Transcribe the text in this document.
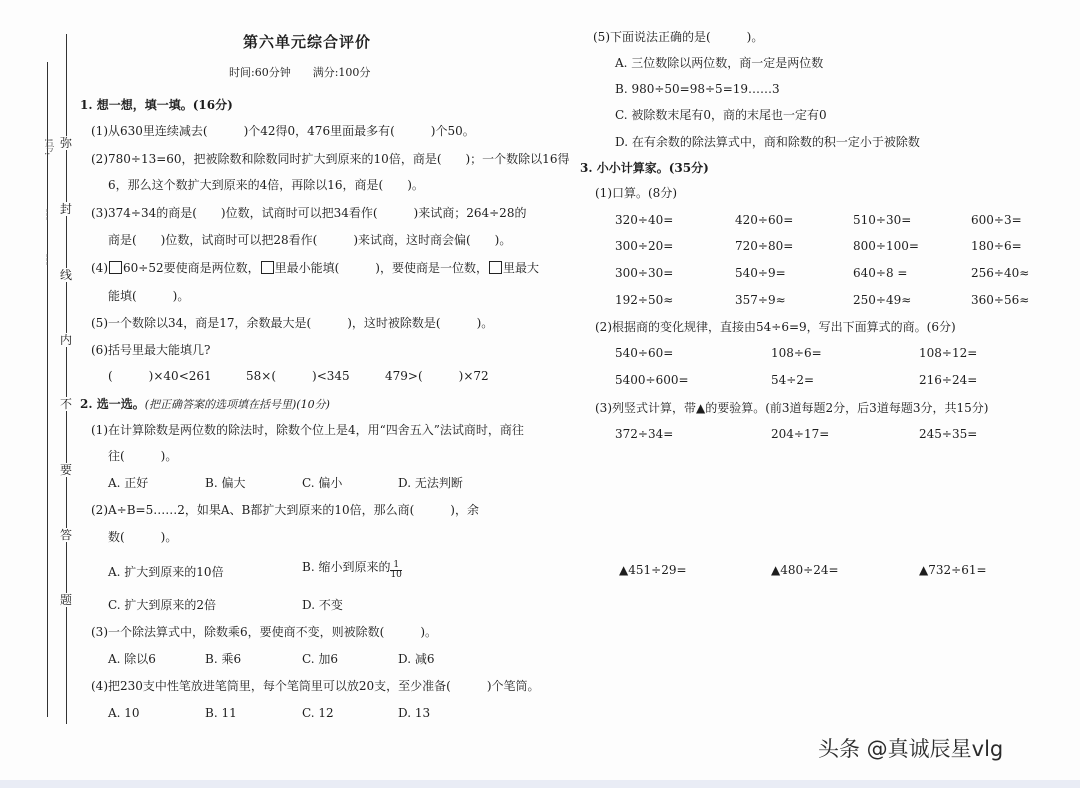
!号:
┆
┆
弥
封
线
内
不
要
答
题
第六单元综合评价
时间:60分钟　　满分:100分
1. 想一想，填一填。(16分)
(1)从630里连续减去(　　　)个42得0，476里面最多有(　　　)个50。
(2)780÷13=60，把被除数和除数同时扩大到原来的10倍，商是(　　)；一个数除以16得
6，那么这个数扩大到原来的4倍，再除以16，商是(　　)。
(3)374÷34的商是(　　)位数，试商时可以把34看作(　　　)来试商；264÷28的
商是(　　)位数，试商时可以把28看作(　　　)来试商，这时商会偏(　　)。
(4) 60÷52要使商是两位数， 里最小能填(　　　)，要使商是一位数， 里最大
能填(　　　)。
(5)一个数除以34，商是17，余数最大是(　　　)，这时被除数是(　　　)。
(6)括号里最大能填几?
(　　　)×40<261	58×(　　　)<345	479>(　　　)×72
2. 选一选。(把正确答案的选项填在括号里)(10分)
(1)在计算除数是两位数的除法时，除数个位上是4，用“四舍五入”法试商时，商往
往(　　　)。
A. 正好	B. 偏大	C. 偏小	D. 无法判断
(2)A÷B=5……2，如果A、B都扩大到原来的10倍，那么商(　　　)，余
数(　　　)。
A. 扩大到原来的10倍	B. 缩小到原来的 $\frac{1}{10}$
C. 扩大到原来的2倍	D. 不变
(3)一个除法算式中，除数乘6，要使商不变，则被除数(　　　)。
A. 除以6	B. 乘6	C. 加6	D. 减6
(4)把230支中性笔放进笔筒里，每个笔筒里可以放20支，至少准备(　　　)个笔筒。
A. 10	B. 11	C. 12	D. 13
(5)下面说法正确的是(　　　)。
A. 三位数除以两位数，商一定是两位数
B. 980÷50=98÷5=19……3
C. 被除数末尾有0，商的末尾也一定有0
D. 在有余数的除法算式中，商和除数的积一定小于被除数
3. 小小计算家。(35分)
(1)口算。(8分)
320÷40=	420÷60=	510÷30=	600÷3=
300÷20=	720÷80=	800÷100=	180÷6=
300÷30=	540÷9=	640÷8 =	256÷40≈
192÷50≈	357÷9≈	250÷49≈	360÷56≈
(2)根据商的变化规律，直接由54÷6=9，写出下面算式的商。(6分)
540÷60=	108÷6=	108÷12=
5400÷600=	54÷2=	216÷24=
(3)列竖式计算，带▲的要验算。(前3道每题2分，后3道每题3分，共15分)
372÷34=	204÷17=	245÷35=
▲451÷29=	▲480÷24=	▲732÷61=
头条 @真诚辰星vlg
